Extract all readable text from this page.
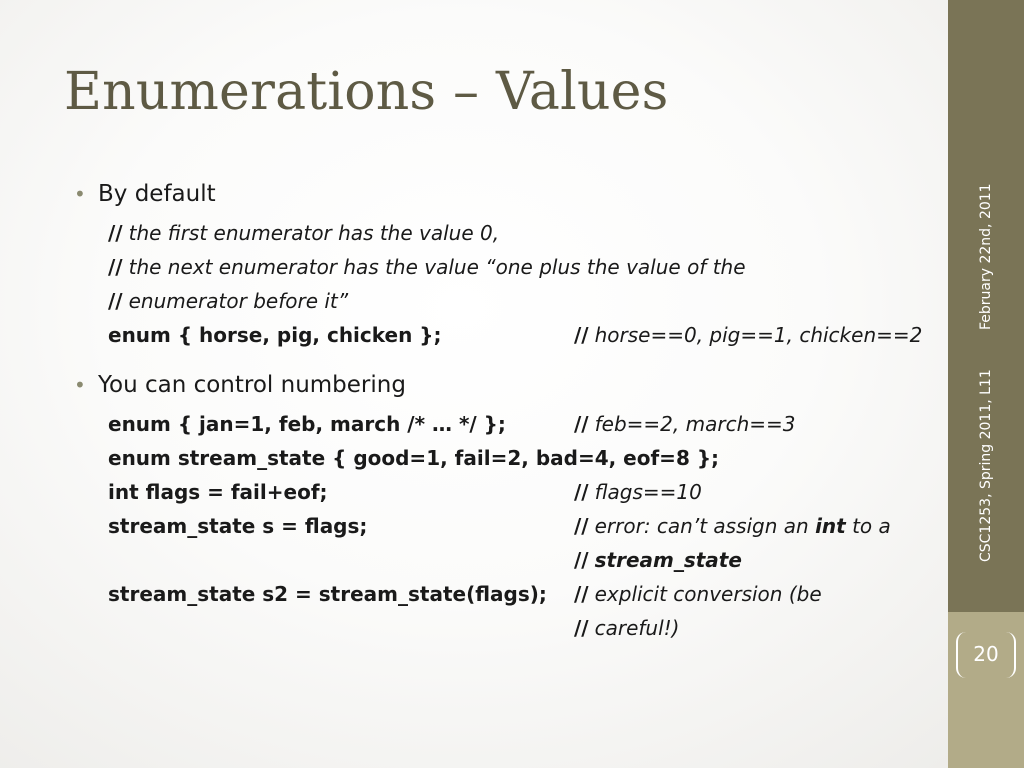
Enumerations – Values
• By default
// the first enumerator has the value 0,
// the next enumerator has the value “one plus the value of the
// enumerator before it”
enum { horse, pig, chicken };	// horse==0, pig==1, chicken==2
• You can control numbering
enum { jan=1, feb, march /* … */ };	// feb==2, march==3
enum stream_state { good=1, fail=2, bad=4, eof=8 };
int flags = fail+eof;	// flags==10
stream_state s = flags;	// error: can’t assign an int to a
// stream_state
stream_state s2 = stream_state(flags); // explicit conversion (be
// careful!)
February 22nd, 2011
CSC1253, Spring 2011, L11
20
